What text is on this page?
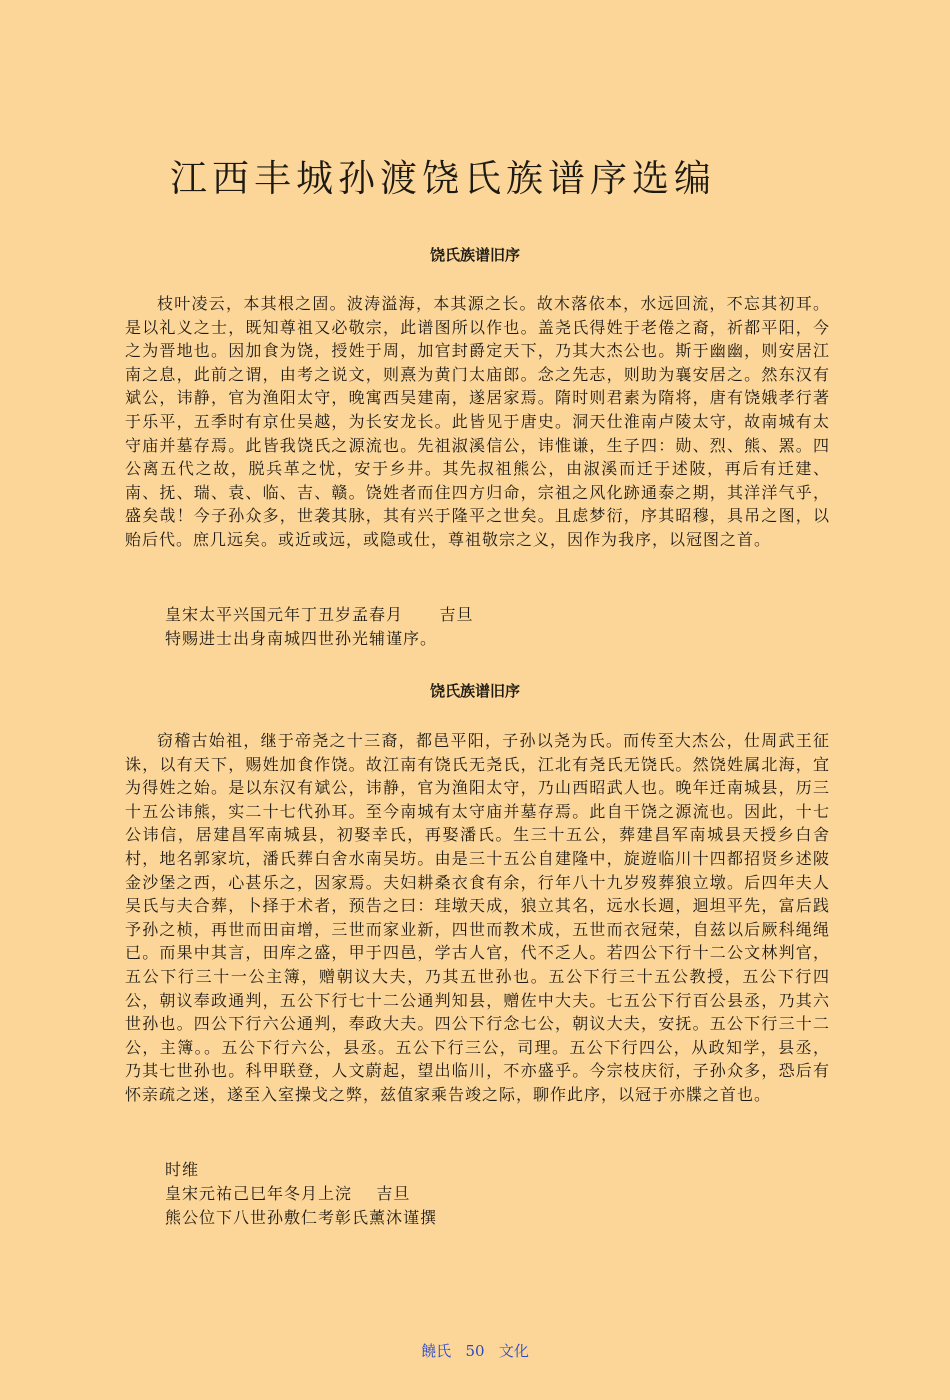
江西丰城孙渡饶氏族谱序选编
饶氏族谱旧序

枝叶凌云，本其根之固。波涛溢海，本其源之长。故木落依本，水远回流，不忘其初耳。是以礼义之士，既知尊祖又必敬宗，此谱图所以作也。盖尧氏得姓于老倦之裔，祈都平阳，今之为晋地也。因加食为饶，授姓于周，加官封爵定天下，乃其大杰公也。斯于幽幽，则安居江南之息，此前之谓，由考之说文，则熹为黄门太庙郎。念之先志，则助为襄安居之。然东汉有斌公，讳静，官为渔阳太守，晚寓西吴建南，遂居家焉。隋时则君素为隋将，唐有饶娥孝行著于乐平，五季时有京仕吴越，为长安龙长。此皆见于唐史。洞天仕淮南卢陵太守，故南城有太守庙并墓存焉。此皆我饶氏之源流也。先祖淑溪信公，讳惟谦，生子四：勋、烈、熊、罴。四公离五代之故，脱兵革之忧，安于乡井。其先叔祖熊公，由淑溪而迁于述陂，再后有迁建、南、抚、瑞、袁、临、吉、赣。饶姓者而住四方归命，宗祖之风化跡通泰之期，其洋洋气乎，盛矣哉！今子孙众多，世袭其脉，其有兴于隆平之世矣。且虑梦衍，序其昭穆，具吊之图，以贻后代。庶几远矣。或近或远，或隐或仕，尊祖敬宗之义，因作为我序，以冠图之首。

皇宋太平兴国元年丁丑岁孟春月 吉旦
特赐进士出身南城四世孙光辅谨序。
饶氏族谱旧序

窃稽古始祖，继于帝尧之十三裔，都邑平阳，子孙以尧为氏。而传至大杰公，仕周武王征诛，以有天下，赐姓加食作饶。故江南有饶氏无尧氏，江北有尧氏无饶氏。然饶姓属北海，宜为得姓之始。是以东汉有斌公，讳静，官为渔阳太守，乃山西昭武人也。晚年迁南城县，历三十五公讳熊，实二十七代孙耳。至今南城有太守庙并墓存焉。此自干饶之源流也。因此，十七公讳信，居建昌军南城县，初娶幸氏，再娶潘氏。生三十五公，葬建昌军南城县天授乡白舍村，地名郭家坑，潘氏葬白舍水南吴坊。由是三十五公自建隆中，旋遊临川十四都招贤乡述陂金沙堡之西，心甚乐之，因家焉。夫妇耕桑衣食有余，行年八十九岁歿葬狼立墩。后四年夫人吴氏与夫合葬，卜择于术者，预告之曰：珪墩天成，狼立其名，远水长週，迴坦平先，富后践予孙之桢，再世而田亩增，三世而家业新，四世而教术成，五世而衣冠荣，自兹以后厥科绳绳已。而果中其言，田库之盛，甲于四邑，学古人官，代不乏人。若四公下行十二公文林判官，五公下行三十一公主簿，赠朝议大夫，乃其五世孙也。五公下行三十五公教授，五公下行四公，朝议奉政通判，五公下行七十二公通判知县，赠佐中大夫。七五公下行百公县丞，乃其六世孙也。四公下行六公通判，奉政大夫。四公下行念七公，朝议大夫，安抚。五公下行三十二公，主簿。。五公下行六公，县丞。五公下行三公，司理。五公下行四公，从政知学，县丞，乃其七世孙也。科甲联登，人文蔚起，望出临川，不亦盛乎。今宗枝庆衍，子孙众多，恐后有怀亲疏之迷，遂至入室操戈之弊，兹值家乘告竣之际，聊作此序，以冠于亦牒之首也。

时维
皇宋元祐己巳年冬月上浣 吉旦
熊公位下八世孙敷仁考彰氏薰沐谨撰
饒氏 50 文化
